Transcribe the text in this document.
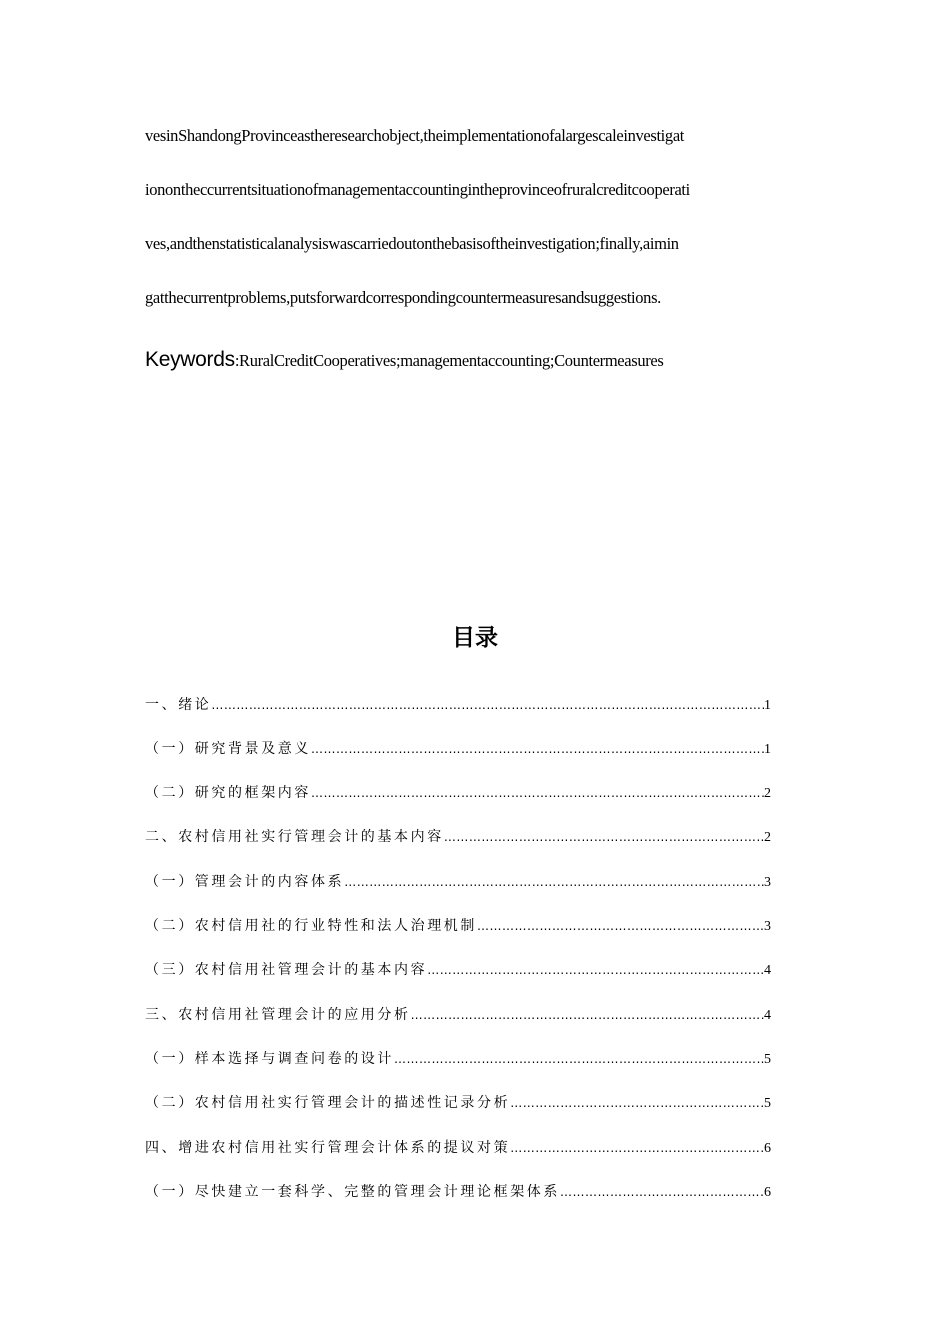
vesinShandongProvinceastheresearchobject,theimplementationofalargescaleinvestigat
ionontheccurrentsituationofmanagementaccountingintheprovinceofruralcreditcooperati
ves,andthenstatisticalanalysiswascarriedoutonthebasisoftheinvestigation;finally,aimin
gatthecurrentproblems,putsforwardcorrespondingcountermeasuresandsuggestions.
Keywords:RuralCreditCooperatives;managementaccounting;Countermeasures
目录
一、绪论 ……………………………………………………………………………………………………………………………………………………………………………………………………………………………………………	1
（一）研究背景及意义 ……………………………………………………………………………………………………………………………………………………………………………………………………………………………………………	1
（二）研究的框架内容 ……………………………………………………………………………………………………………………………………………………………………………………………………………………………………………	2
二、农村信用社实行管理会计的基本内容 ……………………………………………………………………………………………………………………………………………………………………………………………………………………………………………	2
（一）管理会计的内容体系 ……………………………………………………………………………………………………………………………………………………………………………………………………………………………………………	3
（二）农村信用社的行业特性和法人治理机制 ……………………………………………………………………………………………………………………………………………………………………………………………………………………………………………	3
（三）农村信用社管理会计的基本内容 ……………………………………………………………………………………………………………………………………………………………………………………………………………………………………………	4
三、农村信用社管理会计的应用分析 ……………………………………………………………………………………………………………………………………………………………………………………………………………………………………………	4
（一）样本选择与调查问卷的设计 ……………………………………………………………………………………………………………………………………………………………………………………………………………………………………………	5
（二）农村信用社实行管理会计的描述性记录分析 ……………………………………………………………………………………………………………………………………………………………………………………………………………………………………………	5
四、增进农村信用社实行管理会计体系的提议对策 ……………………………………………………………………………………………………………………………………………………………………………………………………………………………………………	6
（一）尽快建立一套科学、完整的管理会计理论框架体系 ……………………………………………………………………………………………………………………………………………………………………………………………………………………………………………	6
